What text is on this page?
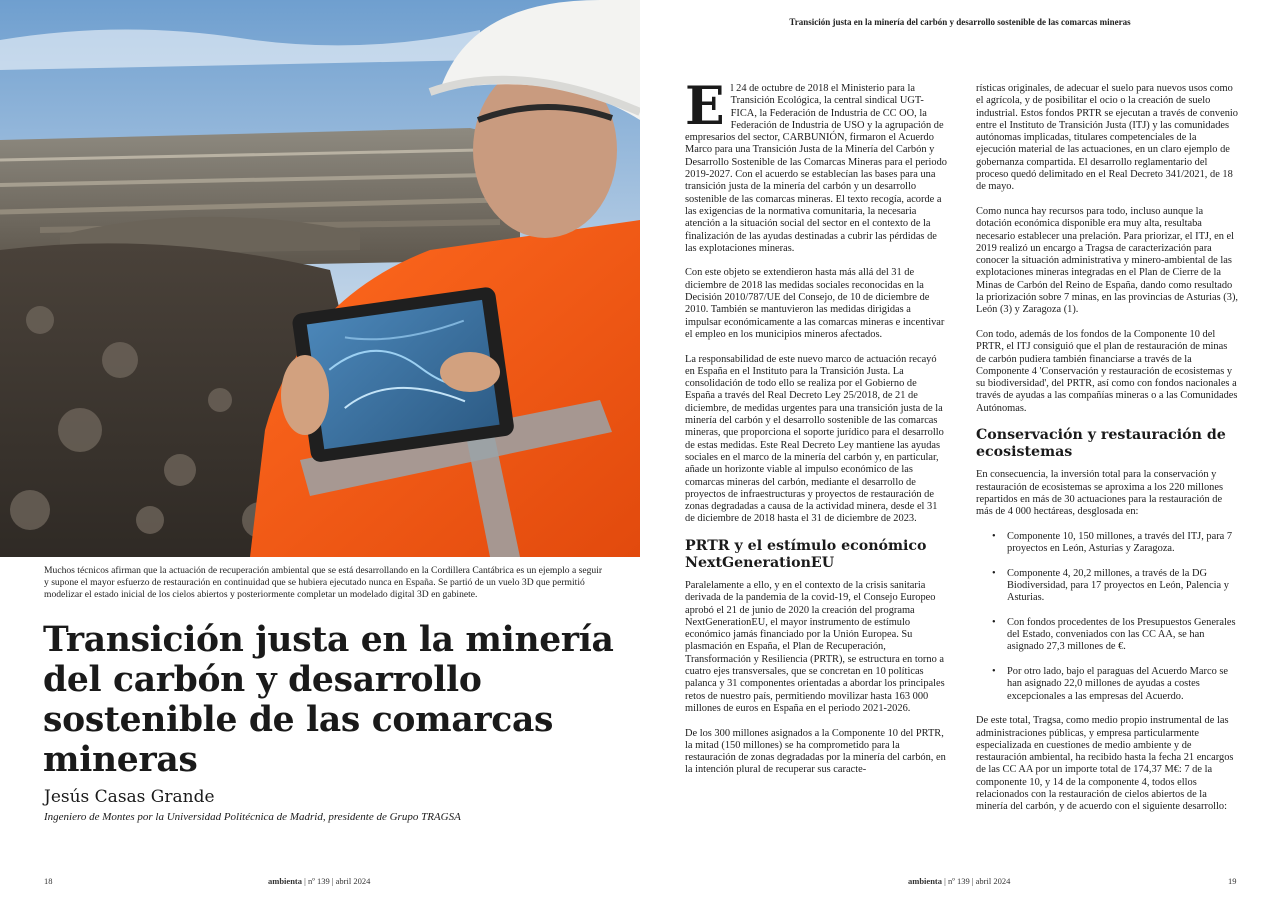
Muchos técnicos afirman que la actuación de recuperación ambiental que se está desarrollando en la Cordillera Cantábrica es un ejemplo a seguir y supone el mayor esfuerzo de restauración en continuidad que se hubiera ejecutado nunca en España. Se partió de un vuelo 3D que permitió modelizar el estado inicial de los cielos abiertos y posteriormente completar un modelado digital 3D en gabinete.
Transición justa en la minería del carbón y desarrollo sostenible de las comarcas mineras
Jesús Casas Grande
Ingeniero de Montes por la Universidad Politécnica de Madrid, presidente de Grupo TRAGSA
18	ambienta | nº 139 | abril 2024
Transición justa en la minería del carbón y desarrollo sostenible de las comarcas mineras

El 24 de octubre de 2018 el Ministerio para la Transición Ecológica, la central sindical UGT-FICA, la Federación de Industria de CC OO, la Federación de Industria de USO y la agrupación de empresarios del sector, CARBUNIÓN, firmaron el Acuerdo Marco para una Transición Justa de la Minería del Carbón y Desarrollo Sostenible de las Comarcas Mineras para el periodo 2019-2027. Con el acuerdo se establecían las bases para una transición justa de la minería del carbón y un desarrollo sostenible de las comarcas mineras. El texto recogía, acorde a las exigencias de la normativa comunitaria, la necesaria atención a la situación social del sector en el contexto de la finalización de las ayudas destinadas a cubrir las pérdidas de las explotaciones mineras.

Con este objeto se extendieron hasta más allá del 31 de diciembre de 2018 las medidas sociales reconocidas en la Decisión 2010/787/UE del Consejo, de 10 de diciembre de 2010. También se mantuvieron las medidas dirigidas a impulsar económicamente a las comarcas mineras e incentivar el empleo en los municipios mineros afectados.

La responsabilidad de este nuevo marco de actuación recayó en España en el Instituto para la Transición Justa. La consolidación de todo ello se realiza por el Gobierno de España a través del Real Decreto Ley 25/2018, de 21 de diciembre, de medidas urgentes para una transición justa de la minería del carbón y el desarrollo sostenible de las comarcas mineras, que proporciona el soporte jurídico para el desarrollo de estas medidas. Este Real Decreto Ley mantiene las ayudas sociales en el marco de la minería del carbón y, en particular, añade un horizonte viable al impulso económico de las comarcas mineras del carbón, mediante el desarrollo de proyectos de infraestructuras y proyectos de restauración de zonas degradadas a causa de la actividad minera, desde el 31 de diciembre de 2018 hasta el 31 de diciembre de 2023.

PRTR y el estímulo económico NextGenerationEU

Paralelamente a ello, y en el contexto de la crisis sanitaria derivada de la pandemia de la covid-19, el Consejo Europeo aprobó el 21 de junio de 2020 la creación del programa NextGenerationEU, el mayor instrumento de estímulo económico jamás financiado por la Unión Europea. Su plasmación en España, el Plan de Recuperación, Transformación y Resiliencia (PRTR), se estructura en torno a cuatro ejes transversales, que se concretan en 10 políticas palanca y 31 componentes orientadas a abordar los principales retos de nuestro país, permitiendo movilizar hasta 163 000 millones de euros en España en el periodo 2021-2026.

De los 300 millones asignados a la Componente 10 del PRTR, la mitad (150 millones) se ha comprometido para la restauración de zonas degradadas por la minería del carbón, en la intención plural de recuperar sus caracte-

rísticas originales, de adecuar el suelo para nuevos usos como el agrícola, y de posibilitar el ocio o la creación de suelo industrial. Estos fondos PRTR se ejecutan a través de convenio entre el Instituto de Transición Justa (ITJ) y las comunidades autónomas implicadas, titulares competenciales de la ejecución material de las actuaciones, en un claro ejemplo de gobernanza compartida. El desarrollo reglamentario del proceso quedó delimitado en el Real Decreto 341/2021, de 18 de mayo.

Como nunca hay recursos para todo, incluso aunque la dotación económica disponible era muy alta, resultaba necesario establecer una prelación. Para priorizar, el ITJ, en el 2019 realizó un encargo a Tragsa de caracterización para conocer la situación administrativa y minero-ambiental de las explotaciones mineras integradas en el Plan de Cierre de la Minas de Carbón del Reino de España, dando como resultado la priorización sobre 7 minas, en las provincias de Asturias (3), León (3) y Zaragoza (1).

Con todo, además de los fondos de la Componente 10 del PRTR, el ITJ consiguió que el plan de restauración de minas de carbón pudiera también financiarse a través de la Componente 4 'Conservación y restauración de ecosistemas y su biodiversidad', del PRTR, así como con fondos nacionales a través de ayudas a las compañías mineras o a las Comunidades Autónomas.

Conservación y restauración de ecosistemas

En consecuencia, la inversión total para la conservación y restauración de ecosistemas se aproxima a los 220 millones repartidos en más de 30 actuaciones para la restauración de más de 4 000 hectáreas, desglosada en:

• Componente 10, 150 millones, a través del ITJ, para 7 proyectos en León, Asturias y Zaragoza.
• Componente 4, 20,2 millones, a través de la DG Biodiversidad, para 17 proyectos en León, Palencia y Asturias.
• Con fondos procedentes de los Presupuestos Generales del Estado, conveniados con las CC AA, se han asignado 27,3 millones de €.
• Por otro lado, bajo el paraguas del Acuerdo Marco se han asignado 22,0 millones de ayudas a costes excepcionales a las empresas del Acuerdo.

De este total, Tragsa, como medio propio instrumental de las administraciones públicas, y empresa particularmente especializada en cuestiones de medio ambiente y de restauración ambiental, ha recibido hasta la fecha 21 encargos de las CC AA por un importe total de 174,37 M€: 7 de la componente 10, y 14 de la componente 4, todos ellos relacionados con la restauración de cielos abiertos de la minería del carbón, y de acuerdo con el siguiente desarrollo:

ambienta | nº 139 | abril 2024	19
